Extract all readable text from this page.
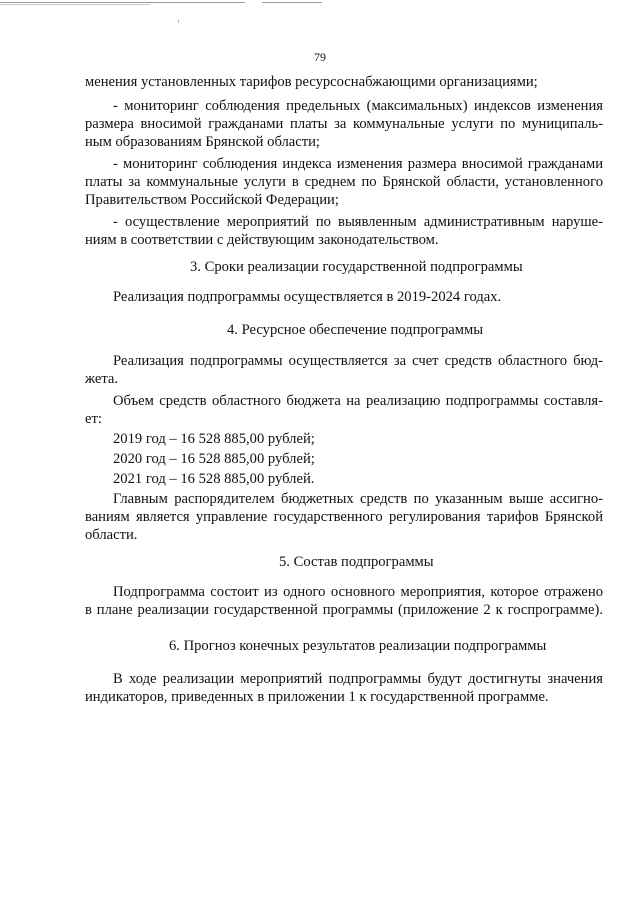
79
менения установленных тарифов ресурсоснабжающими организациями;
- мониторинг соблюдения предельных (максимальных) индексов изменения
размера вносимой гражданами платы за коммунальные услуги по муниципаль-
ным образованиям Брянской области;
- мониторинг соблюдения индекса изменения размера вносимой гражданами
платы за коммунальные услуги в среднем по Брянской области, установленного
Правительством Российской Федерации;
- осуществление мероприятий по выявленным административным наруше-
ниям в соответствии с действующим законодательством.
3. Сроки реализации государственной подпрограммы
Реализация подпрограммы осуществляется в 2019-2024 годах.
4. Ресурсное обеспечение подпрограммы
Реализация подпрограммы осуществляется за счет средств областного бюд-
жета.
Объем средств областного бюджета на реализацию подпрограммы составля-
ет:
2019 год – 16 528 885,00 рублей;
2020 год – 16 528 885,00 рублей;
2021 год – 16 528 885,00 рублей.
Главным распорядителем бюджетных средств по указанным выше ассигно-
ваниям является управление государственного регулирования тарифов Брянской
области.
5. Состав подпрограммы
Подпрограмма состоит из одного основного мероприятия, которое отражено
в плане реализации государственной программы (приложение 2 к госпрограмме).
6. Прогноз конечных результатов реализации подпрограммы
В ходе реализации мероприятий подпрограммы будут достигнуты значения
индикаторов, приведенных в приложении 1 к государственной программе.
